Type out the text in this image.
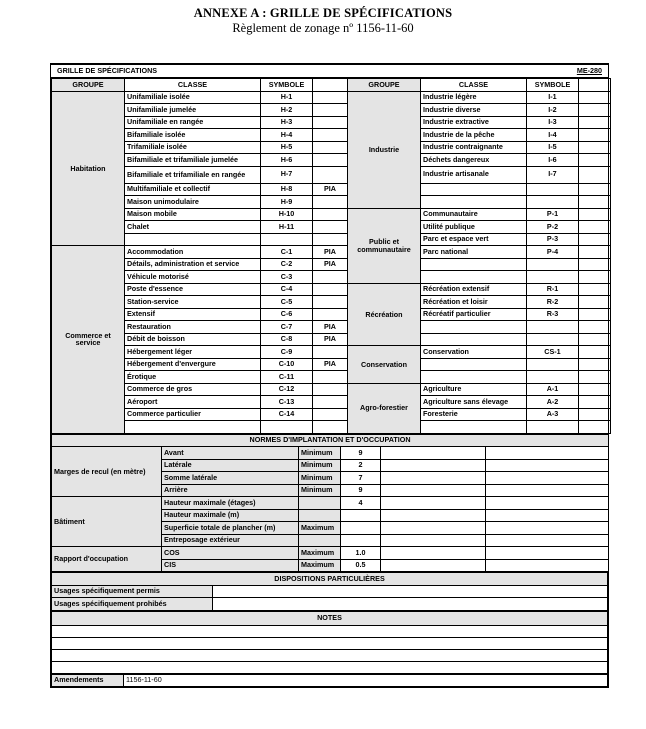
ANNEXE A : GRILLE DE SPÉCIFICATIONS
Règlement de zonage nº 1156-11-60
GRILLE DE SPÉCIFICATIONS	ME-280
GROUPE	CLASSE	SYMBOLE		GROUPE	CLASSE	SYMBOLE	
Habitation	Unifamiliale isolée	H-1		Industrie	Industrie légère	I-1	
	Unifamiliale jumelée	H-2			Industrie diverse	I-2	
	Unifamiliale en rangée	H-3			Industrie extractive	I-3	
	Bifamiliale isolée	H-4			Industrie de la pêche	I-4	
	Trifamiliale isolée	H-5			Industrie contraignante	I-5	
	Bifamiliale et trifamiliale jumelée	H-6			Déchets dangereux	I-6	
	Bifamiliale et trifamiliale en rangée	H-7			Industrie artisanale	I-7	
	Multifamiliale et collectif	H-8	PIA				
	Maison unimodulaire	H-9					
	Maison mobile	H-10		Public et communautaire	Communautaire	P-1	
	Chalet	H-11			Utilité publique	P-2	
					Parc et espace vert	P-3	
Commerce et service	Accommodation	C-1	PIA		Parc national	P-4	
	Détails, administration et service	C-2	PIA				
	Véhicule motorisé	C-3					
	Poste d'essence	C-4		Récréation	Récréation extensif	R-1	
	Station-service	C-5			Récréation et loisir	R-2	
	Extensif	C-6			Récréatif particulier	R-3	
	Restauration	C-7	PIA				
	Débit de boisson	C-8	PIA				
	Hébergement léger	C-9		Conservation	Conservation	CS-1	
	Hébergement d'envergure	C-10	PIA				
	Érotique	C-11					
	Commerce de gros	C-12		Agro-forestier	Agriculture	A-1	
	Aéroport	C-13			Agriculture sans élevage	A-2	
	Commerce particulier	C-14			Foresterie	A-3	

NORMES D'IMPLANTATION ET D'OCCUPATION					
Marges de recul (en mètre)	Avant	Minimum	9		
	Latérale	Minimum	2		
	Somme latérale	Minimum	7		
	Arrière	Minimum	9		
Bâtiment	Hauteur maximale (étages)		4		
	Hauteur maximale (m)				
	Superficie totale de plancher (m)	Maximum			
	Entreposage extérieur				
Rapport d'occupation	COS	Maximum	1.0		
	CIS	Maximum	0.5		
DISPOSITIONS PARTICULIÈRES	
Usages spécifiquement permis	
Usages spécifiquement prohibés	
NOTES

Amendements	1156-11-60
